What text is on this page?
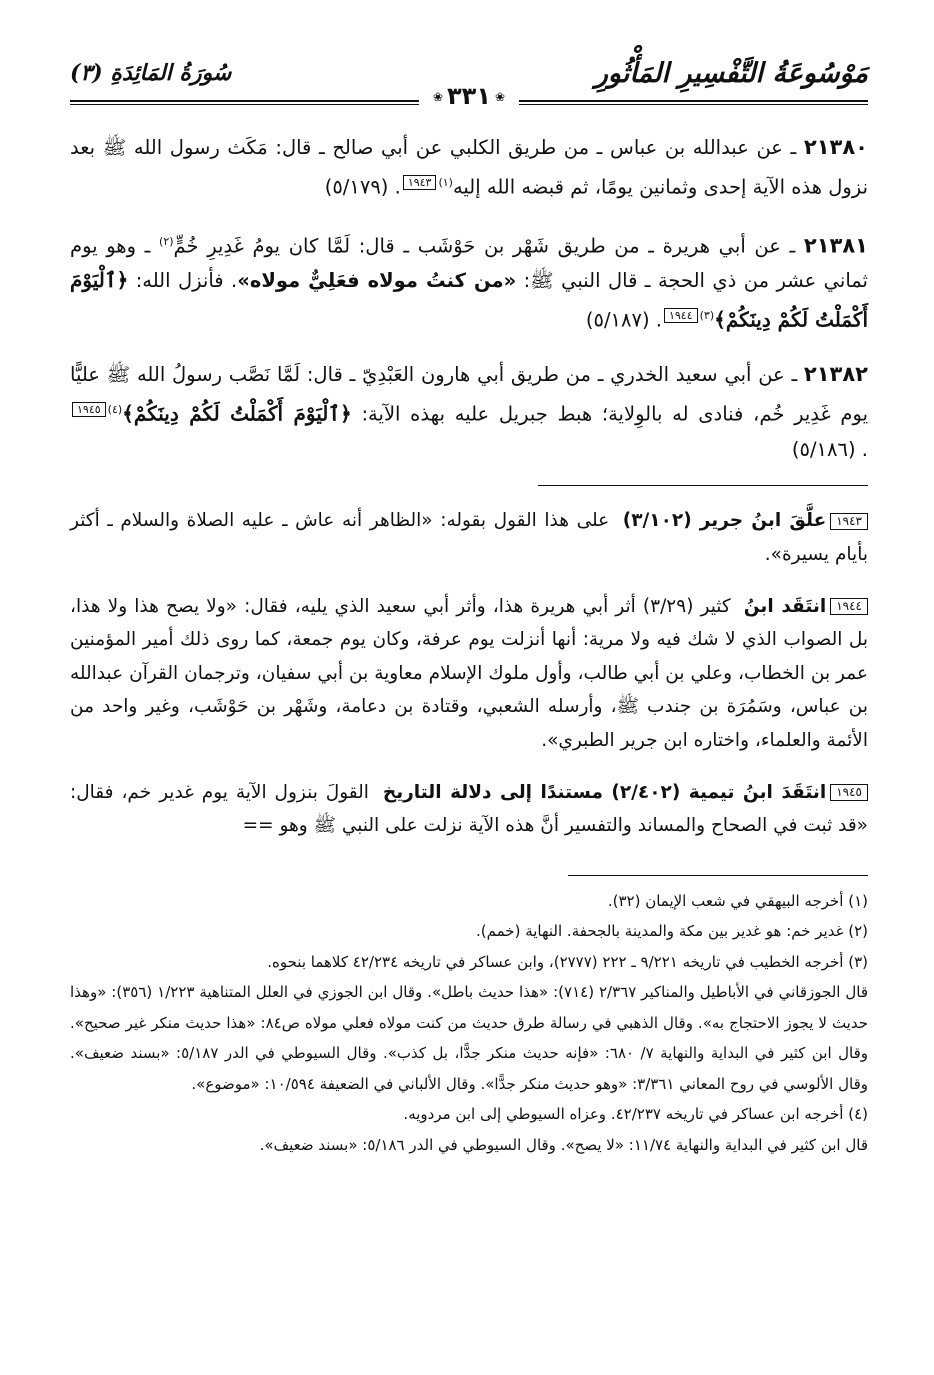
مَوْسُوعَةُ التَّفْسِيرِ المَأْثُورِ
سُورَةُ المَائِدَةِ (٣)
❀٣٣١❀

٢١٣٨٠ ـ عن عبدالله بن عباس ـ من طريق الكلبي عن أبي صالح ـ قال: مَكَث رسول الله ﷺ بعد نزول هذه الآية إحدى وثمانين يومًا، ثم قبضه الله إليه$^{(١)}$١٩٤٣. (٥/١٧٩)

٢١٣٨١ ـ عن أبي هريرة ـ من طريق شَهْر بن حَوْشَب ـ قال: لَمَّا كان يومُ غَدِيرِ خُمٍّ$^{(٢)}$ ـ وهو يوم ثماني عشر من ذي الحجة ـ قال النبي ﷺ: «من كنتُ مولاه فعَلِيٌّ مولاه». فأنزل الله: ﴿ٱلْيَوْمَ أَكْمَلْتُ لَكُمْ دِينَكُمْ﴾$^{(٣)}$١٩٤٤. (٥/١٨٧)

٢١٣٨٢ ـ عن أبي سعيد الخدري ـ من طريق أبي هارون العَبْدِيّ ـ قال: لَمَّا نَصَّب رسولُ الله ﷺ عليًّا يوم غَدِير خُم، فنادى له بالوِلاية؛ هبط جبريل عليه بهذه الآية: ﴿ٱلْيَوْمَ أَكْمَلْتُ لَكُمْ دِينَكُمْ﴾$^{(٤)}$١٩٤٥. (٥/١٨٦)

١٩٤٣علَّقَ ابنُ جرير (٣/١٠٢) على هذا القول بقوله: «الظاهر أنه عاش ـ عليه الصلاة والسلام ـ أكثر بأيام يسيرة».

١٩٤٤انتَقَد ابنُ كثير (٣/٢٩) أثر أبي هريرة هذا، وأثر أبي سعيد الذي يليه، فقال: «ولا يصح هذا ولا هذا، بل الصواب الذي لا شك فيه ولا مرية: أنها أنزلت يوم عرفة، وكان يوم جمعة، كما روى ذلك أمير المؤمنين عمر بن الخطاب، وعلي بن أبي طالب، وأول ملوك الإسلام معاوية بن أبي سفيان، وترجمان القرآن عبدالله بن عباس، وسَمُرَة بن جندب ﷺ، وأرسله الشعبي، وقتادة بن دعامة، وشَهْر بن حَوْشَب، وغير واحد من الأئمة والعلماء، واختاره ابن جرير الطبري».

١٩٤٥انتَقَدَ ابنُ تيمية (٢/٤٠٢) مستندًا إلى دلالة التاريخ القولَ بنزول الآية يوم غدير خم، فقال: «قد ثبت في الصحاح والمساند والتفسير أنَّ هذه الآية نزلت على النبي ﷺ وهو ==

(١) أخرجه البيهقي في شعب الإيمان (٣٢).
(٢) غدير خم: هو غدير بين مكة والمدينة بالجحفة. النهاية (خمم).
(٣) أخرجه الخطيب في تاريخه ٩/٢٢١ ـ ٢٢٢ (٢٧٧٧)، وابن عساكر في تاريخه ٤٢/٢٣٤ كلاهما بنحوه.
قال الجوزقاني في الأباطيل والمناكير ٢/٣٦٧ (٧١٤): «هذا حديث باطل». وقال ابن الجوزي في العلل المتناهية ١/٢٢٣ (٣٥٦): «وهذا حديث لا يجوز الاحتجاج به». وقال الذهبي في رسالة طرق حديث من كنت مولاه فعلي مولاه ص٨٤: «هذا حديث منكر غير صحيح». وقال ابن كثير في البداية والنهاية ٧/ ٦٨٠: «فإنه حديث منكر جدًّا، بل كذب». وقال السيوطي في الدر ٥/١٨٧: «بسند ضعيف». وقال الألوسي في روح المعاني ٣/٣٦١: «وهو حديث منكر جدًّا». وقال الألباني في الضعيفة ١٠/٥٩٤: «موضوع».
(٤) أخرجه ابن عساكر في تاريخه ٤٢/٢٣٧. وعزاه السيوطي إلى ابن مردويه.
قال ابن كثير في البداية والنهاية ١١/٧٤: «لا يصح». وقال السيوطي في الدر ٥/١٨٦: «بسند ضعيف».
